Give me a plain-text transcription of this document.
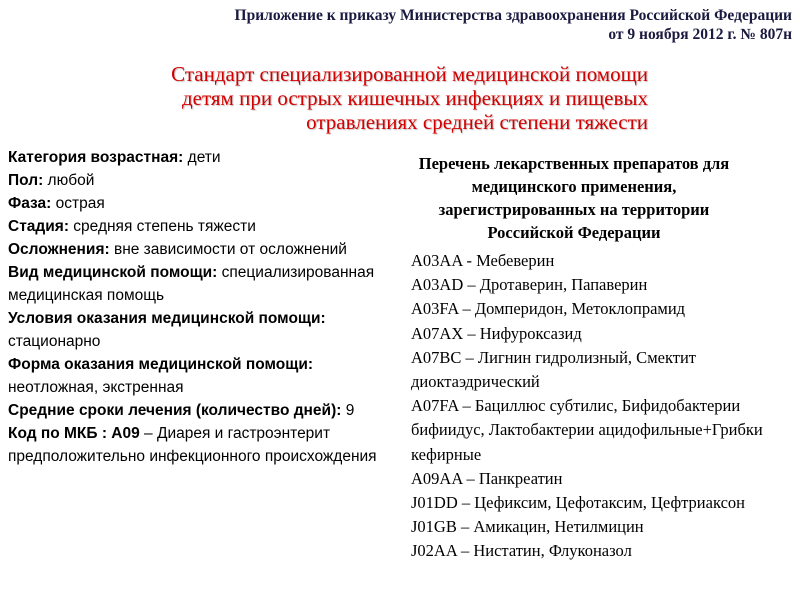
Приложение к приказу Министерства здравоохранения Российской Федерации
от 9 ноября 2012 г. № 807н
Стандарт специализированной медицинской помощи
детям при острых кишечных инфекциях и пищевых
отравлениях средней степени тяжести

Категория возрастная: дети

Пол: любой

Фаза: острая

Стадия: средняя степень тяжести

Осложнения: вне зависимости от осложнений

Вид медицинской помощи: специализированная медицинская помощь

Условия оказания медицинской помощи: стационарно

Форма оказания медицинской помощи: неотложная, экстренная

Средние сроки лечения (количество дней): 9

Код по МКБ : А09 – Диарея и гастроэнтерит предположительно инфекционного происхождения

Перечень лекарственных препаратов для
медицинского применения,
зарегистрированных на территории
Российской Федерации
A03AA - Мебеверин
A03AD – Дротаверин, Папаверин
A03FA – Домперидон, Метоклопрамид
A07AX – Нифуроксазид
A07BC – Лигнин гидролизный, Смектит диоктаэдрический
A07FA – Бациллюс субтилис, Бифидобактерии бифиидус, Лактобактерии ацидофильные+Грибки кефирные
A09AA – Панкреатин
J01DD – Цефиксим, Цефотаксим, Цефтриаксон
J01GB – Амикацин, Нетилмицин
J02AA – Нистатин, Флуконазол
